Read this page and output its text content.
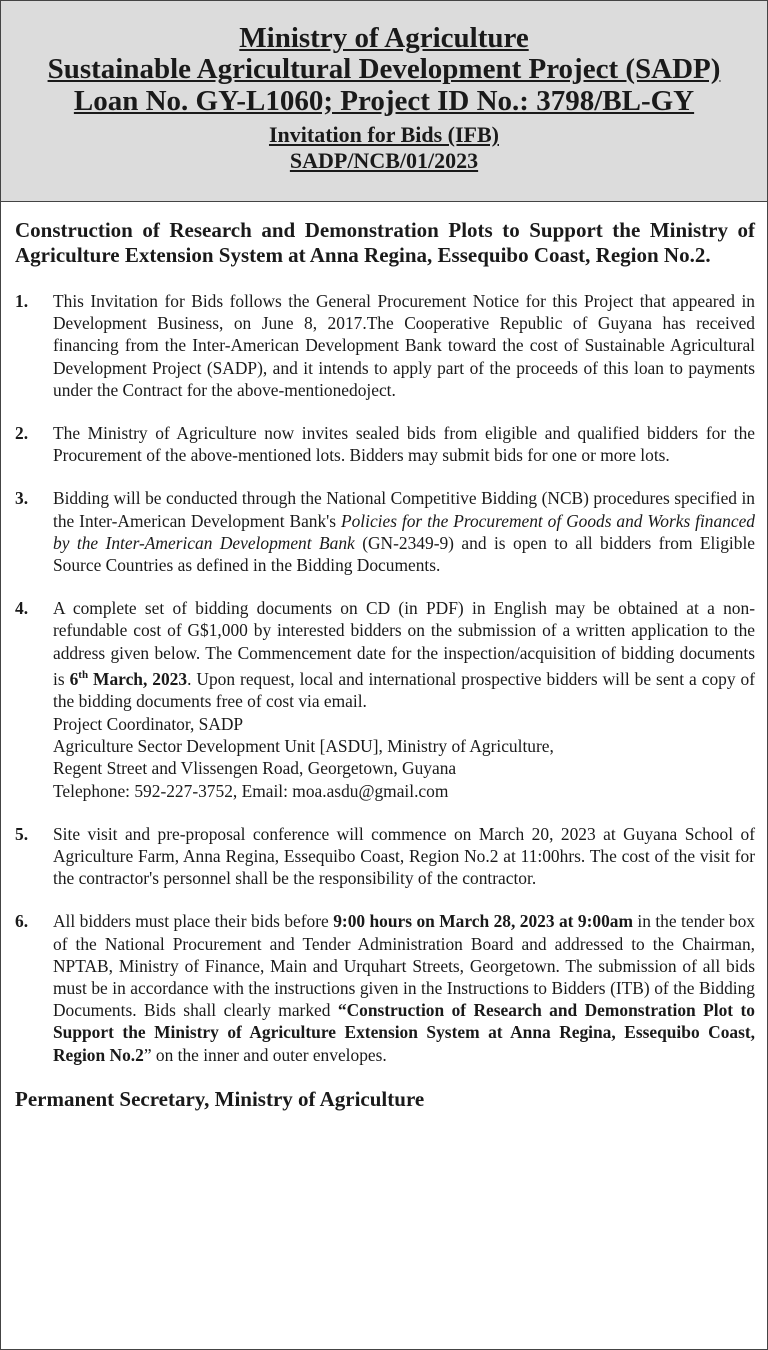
Ministry of Agriculture
Sustainable Agricultural Development Project (SADP)
Loan No. GY-L1060; Project ID No.: 3798/BL-GY
Invitation for Bids (IFB)
SADP/NCB/01/2023
Construction of Research and Demonstration Plots to Support the Ministry of Agriculture Extension System at Anna Regina, Essequibo Coast, Region No.2.
1.	This Invitation for Bids follows the General Procurement Notice for this Project that appeared in Development Business, on June 8, 2017.The Cooperative Republic of Guyana has received financing from the Inter-American Development Bank toward the cost of Sustainable Agricultural Development Project (SADP), and it intends to apply part of the proceeds of this loan to payments under the Contract for the above-mentionedoject.
2.	The Ministry of Agriculture now invites sealed bids from eligible and qualified bidders for the Procurement of the above-mentioned lots. Bidders may submit bids for one or more lots.
3.	Bidding will be conducted through the National Competitive Bidding (NCB) procedures specified in the Inter-American Development Bank's Policies for the Procurement of Goods and Works financed by the Inter-American Development Bank (GN-2349-9) and is open to all bidders from Eligible Source Countries as defined in the Bidding Documents.
4.	A complete set of bidding documents on CD (in PDF) in English may be obtained at a non-refundable cost of G$1,000 by interested bidders on the submission of a written application to the address given below. The Commencement date for the inspection/acquisition of bidding documents is 6th March, 2023. Upon request, local and international prospective bidders will be sent a copy of the bidding documents free of cost via email.
Project Coordinator, SADP
Agriculture Sector Development Unit [ASDU], Ministry of Agriculture,
Regent Street and Vlissengen Road, Georgetown, Guyana
Telephone: 592-227-3752, Email: moa.asdu@gmail.com
5.	Site visit and pre-proposal conference will commence on March 20, 2023 at Guyana School of Agriculture Farm, Anna Regina, Essequibo Coast, Region No.2 at 11:00hrs. The cost of the visit for the contractor's personnel shall be the responsibility of the contractor.
6.	All bidders must place their bids before 9:00 hours on March 28, 2023 at 9:00am in the tender box of the National Procurement and Tender Administration Board and addressed to the Chairman, NPTAB, Ministry of Finance, Main and Urquhart Streets, Georgetown. The submission of all bids must be in accordance with the instructions given in the Instructions to Bidders (ITB) of the Bidding Documents. Bids shall clearly marked “Construction of Research and Demonstration Plot to Support the Ministry of Agriculture Extension System at Anna Regina, Essequibo Coast, Region No.2” on the inner and outer envelopes.
Permanent Secretary, Ministry of Agriculture
